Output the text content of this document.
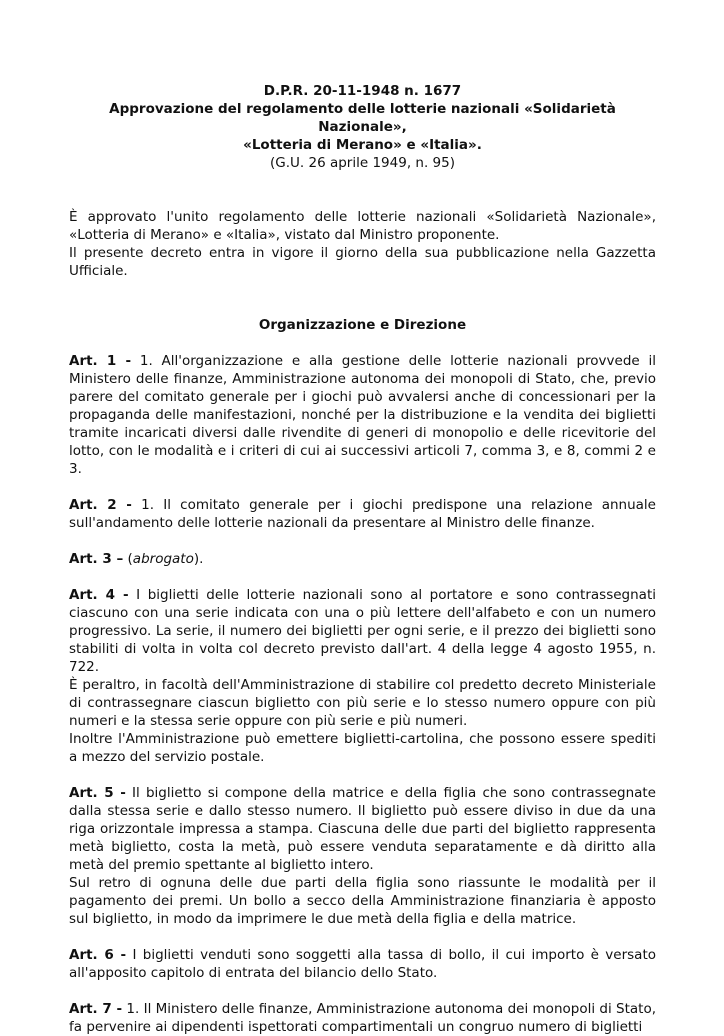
D.P.R. 20-11-1948 n. 1677
Approvazione del regolamento delle lotterie nazionali «Solidarietà Nazionale»,
«Lotteria di Merano» e «Italia».
(G.U. 26 aprile 1949, n. 95)

È approvato l'unito regolamento delle lotterie nazionali «Solidarietà Nazionale», «Lotteria di Merano» e «Italia», vistato dal Ministro proponente.

Il presente decreto entra in vigore il giorno della sua pubblicazione nella Gazzetta Ufficiale.

Organizzazione e Direzione

Art. 1 - 1. All'organizzazione e alla gestione delle lotterie nazionali provvede il Ministero delle finanze, Amministrazione autonoma dei monopoli di Stato, che, previo parere del comitato generale per i giochi può avvalersi anche di concessionari per la propaganda delle manifestazioni, nonché per la distribuzione e la vendita dei biglietti tramite incaricati diversi dalle rivendite di generi di monopolio e delle ricevitorie del lotto, con le modalità e i criteri di cui ai successivi articoli 7, comma 3, e 8, commi 2 e 3.

Art. 2 - 1. Il comitato generale per i giochi predispone una relazione annuale sull'andamento delle lotterie nazionali da presentare al Ministro delle finanze.

Art. 3 – (abrogato).

Art. 4 - I biglietti delle lotterie nazionali sono al portatore e sono contrassegnati ciascuno con una serie indicata con una o più lettere dell'alfabeto e con un numero progressivo. La serie, il numero dei biglietti per ogni serie, e il prezzo dei biglietti sono stabiliti di volta in volta col decreto previsto dall'art. 4 della legge 4 agosto 1955, n. 722.

È peraltro, in facoltà dell'Amministrazione di stabilire col predetto decreto Ministeriale di contrassegnare ciascun biglietto con più serie e lo stesso numero oppure con più numeri e la stessa serie oppure con più serie e più numeri.

Inoltre l'Amministrazione può emettere biglietti-cartolina, che possono essere spediti a mezzo del servizio postale.

Art. 5 - Il biglietto si compone della matrice e della figlia che sono contrassegnate dalla stessa serie e dallo stesso numero. Il biglietto può essere diviso in due da una riga orizzontale impressa a stampa. Ciascuna delle due parti del biglietto rappresenta metà biglietto, costa la metà, può essere venduta separatamente e dà diritto alla metà del premio spettante al biglietto intero.

Sul retro di ognuna delle due parti della figlia sono riassunte le modalità per il pagamento dei premi. Un bollo a secco della Amministrazione finanziaria è apposto sul biglietto, in modo da imprimere le due metà della figlia e della matrice.

Art. 6 - I biglietti venduti sono soggetti alla tassa di bollo, il cui importo è versato all'apposito capitolo di entrata del bilancio dello Stato.

Art. 7 - 1. Il Ministero delle finanze, Amministrazione autonoma dei monopoli di Stato, fa pervenire ai dipendenti ispettorati compartimentali un congruo numero di biglietti
